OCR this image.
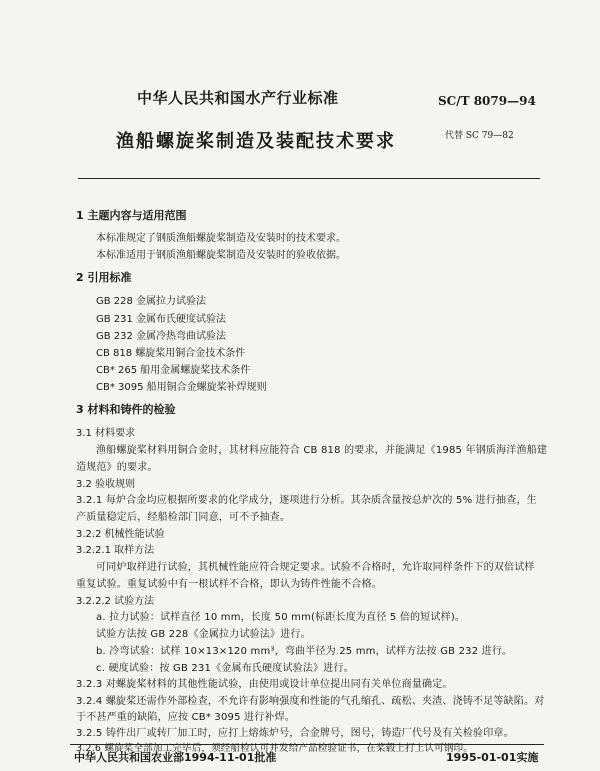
中华人民共和国水产行业标准	SC/T 8079—94
渔船螺旋桨制造及装配技术要求	代替 SC 79—82
1 主题内容与适用范围
本标准规定了钢质渔船螺旋桨制造及安装时的技术要求。
本标准适用于钢质渔船螺旋桨制造及安装时的验收依据。
2 引用标准
GB 228 金属拉力试验法
GB 231 金属布氏硬度试验法
GB 232 金属冷热弯曲试验法
CB 818 螺旋桨用铜合金技术条件
CB* 265 船用金属螺旋桨技术条件
CB* 3095 船用铜合金螺旋桨补焊规则
3 材料和铸件的检验
3.1 材料要求
渔船螺旋桨材料用铜合金时，其材料应能符合 CB 818 的要求，并能满足《1985 年钢质海洋渔船建
造规范》的要求。
3.2 验收规则
3.2.1 每炉合金均应根据所要求的化学成分，逐项进行分析。其杂质含量按总炉次的 5% 进行抽查，生
产质量稳定后，经船检部门同意，可不予抽查。
3.2.2 机械性能试验
3.2.2.1 取样方法
可同炉取样进行试验，其机械性能应符合规定要求。试验不合格时，允许取同样条件下的双倍试样
重复试验。重复试验中有一根试样不合格，即认为铸件性能不合格。
3.2.2.2 试验方法
a. 拉力试验：试样直径 10 mm，长度 50 mm(标距长度为直径 5 倍的短试样)。
试验方法按 GB 228《金属拉力试验法》进行。
b. 冷弯试验：试样 10×13×120 mm³，弯曲半径为 25 mm，试样方法按 GB 232 进行。
c. 硬度试验：按 GB 231《金属布氏硬度试验法》进行。
3.2.3 对螺旋桨材料的其他性能试验，由使用或设计单位提出同有关单位商量确定。
3.2.4 螺旋桨还需作外部检查，不允许有影响强度和性能的气孔缩孔、疏松、夹渣、浇铸不足等缺陷。对
于不甚严重的缺陷，应按 CB* 3095 进行补焊。
3.2.5 铸件出厂或转厂加工时，应打上熔炼炉号，合金牌号，图号，铸造厂代号及有关检验印章。
3.2.6 螺旋桨全部加工完毕后，须经船检认可并发给产品检验证书，在桨毂上打上认可钢印。
中华人民共和国农业部1994-11-01批准	1995-01-01实施
